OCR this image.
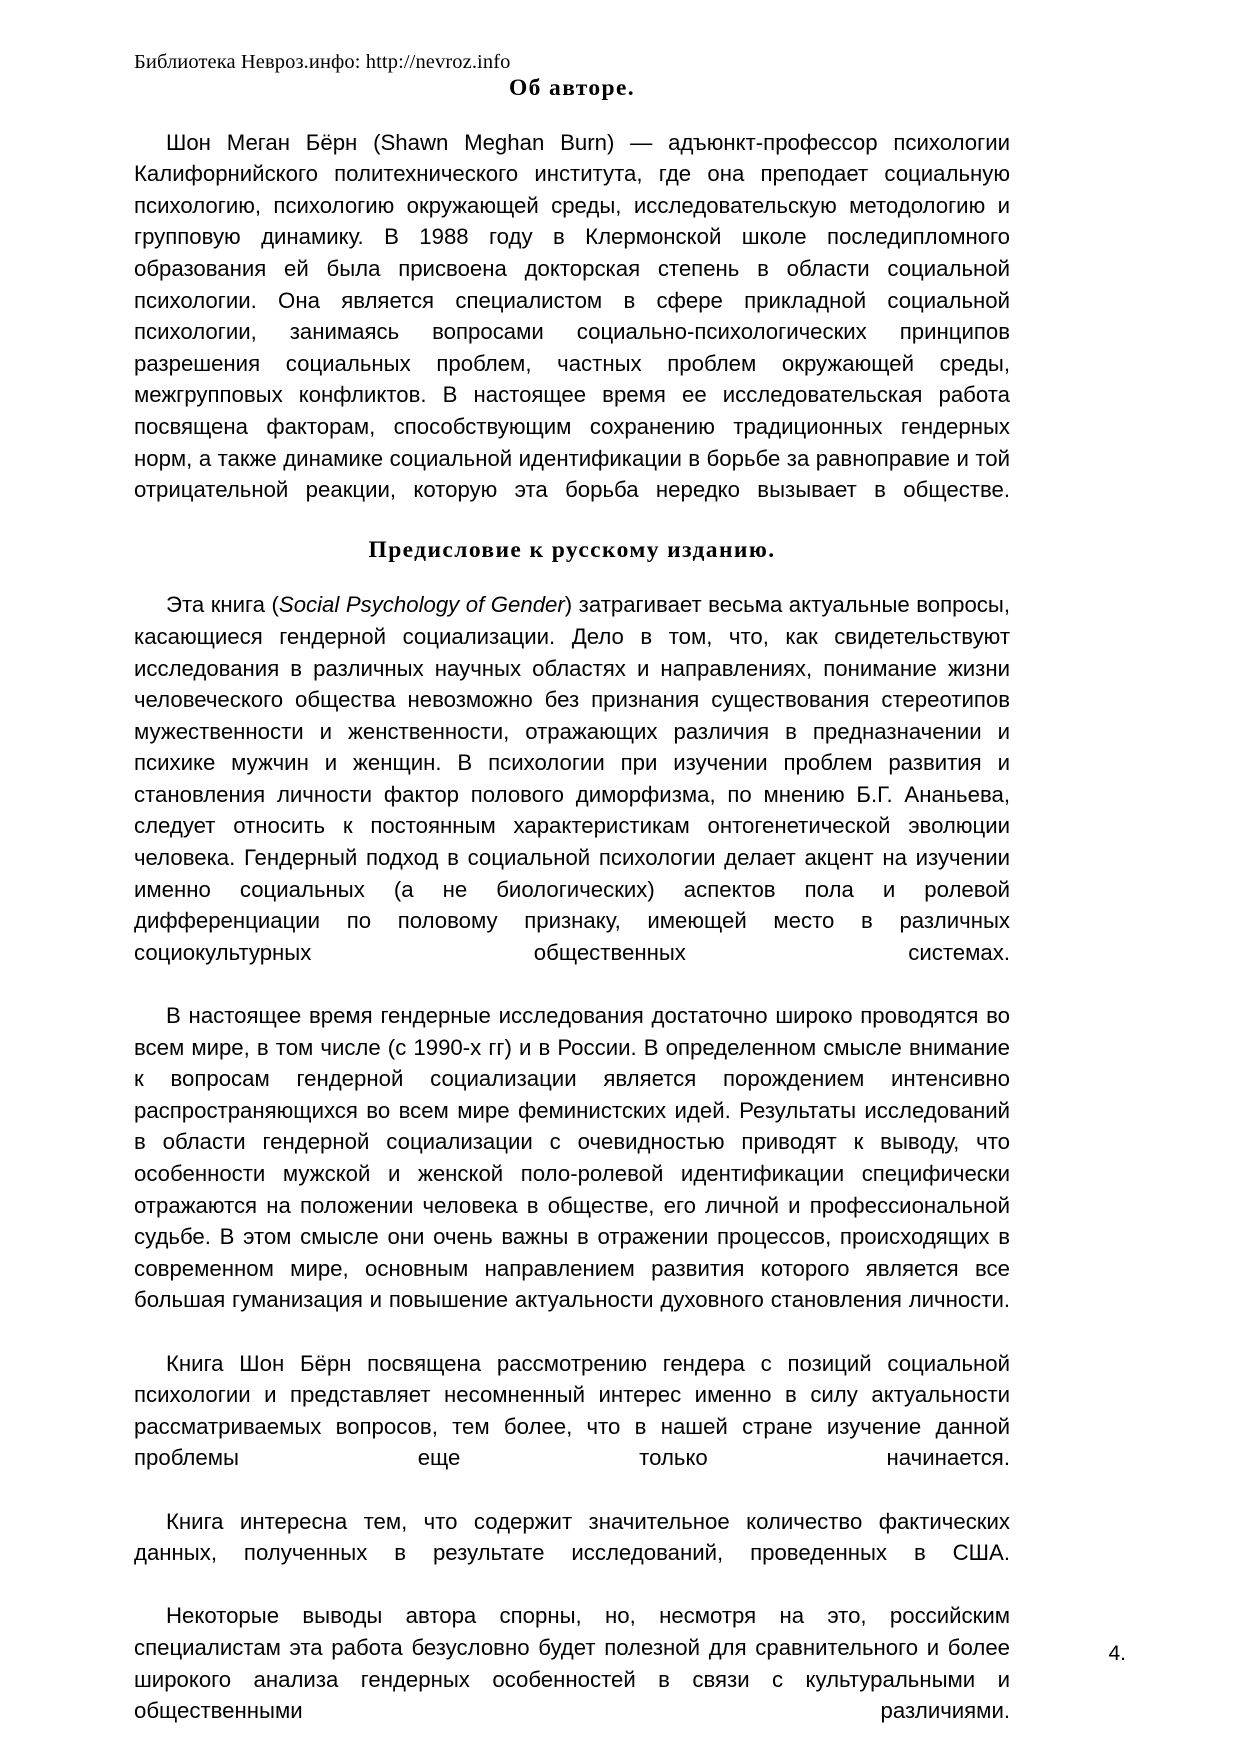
Библиотека Невроз.инфо: http://nevroz.info
Об авторе.

Шон Меган Бёрн (Shawn Meghan Burn) — адъюнкт-профессор психологии Калифорнийского политехнического института, где она преподает социальную психологию, психологию окружающей среды, исследовательскую методологию и групповую динамику. В 1988 году в Клермонской школе последипломного образования ей была присвоена докторская степень в области социальной психологии. Она является специалистом в сфере прикладной социальной психологии, занимаясь вопросами социально-психологических принципов разрешения социальных проблем, частных проблем окружающей среды, межгрупповых конфликтов. В настоящее время ее исследовательская работа посвящена факторам, способствующим сохранению традиционных гендерных норм, а также динамике социальной идентификации в борьбе за равноправие и той отрицательной реакции, которую эта борьба нередко вызывает в обществе.

Предисловие к русскому изданию.

Эта книга (Social Psychology of Gender) затрагивает весьма актуальные вопросы, касающиеся гендерной социализации. Дело в том, что, как свидетельствуют исследования в различных научных областях и направлениях, понимание жизни человеческого общества невозможно без признания существования стереотипов мужественности и женственности, отражающих различия в предназначении и психике мужчин и женщин. В психологии при изучении проблем развития и становления личности фактор полового диморфизма, по мнению Б.Г. Ананьева, следует относить к постоянным характеристикам онтогенетической эволюции человека. Гендерный подход в социальной психологии делает акцент на изучении именно социальных (а не биологических) аспектов пола и ролевой дифференциации по половому признаку, имеющей место в различных социокультурных общественных системах.

В настоящее время гендерные исследования достаточно широко проводятся во всем мире, в том числе (с 1990-х гг) и в России. В определенном смысле внимание к вопросам гендерной социализации является порождением интенсивно распространяющихся во всем мире феминистских идей. Результаты исследований в области гендерной социализации с очевидностью приводят к выводу, что особенности мужской и женской поло-ролевой идентификации специфически отражаются на положении человека в обществе, его личной и профессиональной судьбе. В этом смысле они очень важны в отражении процессов, происходящих в современном мире, основным направлением развития которого является все большая гуманизация и повышение актуальности духовного становления личности.

Книга Шон Бёрн посвящена рассмотрению гендера с позиций социальной психологии и представляет несомненный интерес именно в силу актуальности рассматриваемых вопросов, тем более, что в нашей стране изучение данной проблемы еще только начинается.

Книга интересна тем, что содержит значительное количество фактических данных, полученных в результате исследований, проведенных в США.

Некоторые выводы автора спорны, но, несмотря на это, российским специалистам эта работа безусловно будет полезной для сравнительного и более широкого анализа гендерных особенностей в связи с культуральными и общественными различиями.

4.
